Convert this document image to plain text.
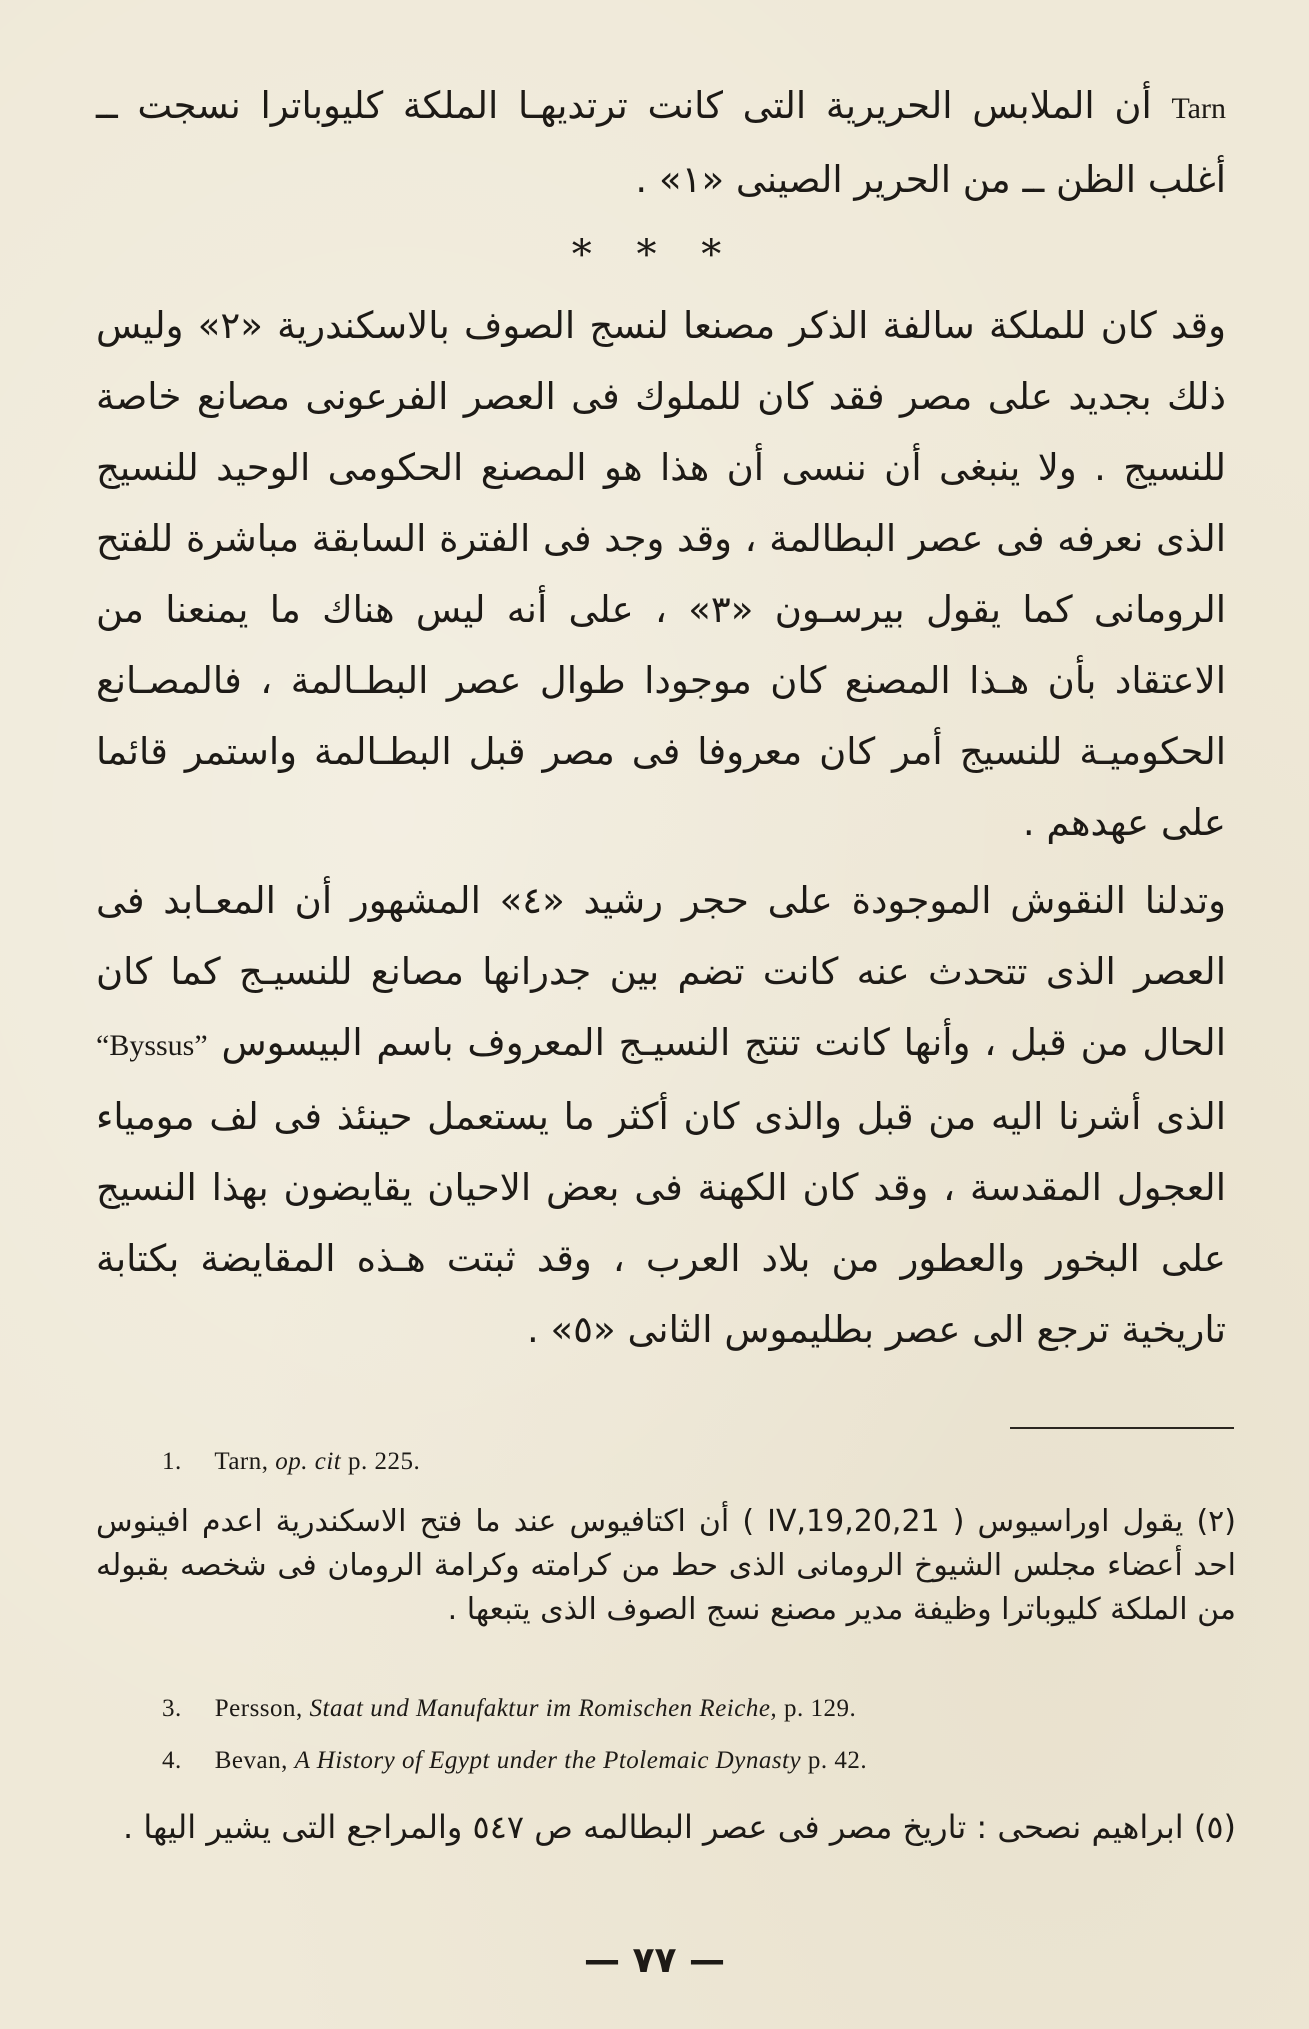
Tarn أن الملابس الحريرية التى كانت ترتديهـا الملكة كليوباترا نسجت ــ أغلب الظن ــ من الحرير الصينى «١» .
* * *
وقد كان للملكة سالفة الذكر مصنعا لنسج الصوف بالاسكندرية «٢» وليس ذلك بجديد على مصر فقد كان للملوك فى العصر الفرعونى مصانع خاصة للنسيج . ولا ينبغى أن ننسى أن هذا هو المصنع الحكومى الوحيد للنسيج الذى نعرفه فى عصر البطالمة ، وقد وجد فى الفترة السابقة مباشرة للفتح الرومانى كما يقول بيرسـون «٣» ، على أنه ليس هناك ما يمنعنا من الاعتقاد بأن هـذا المصنع كان موجودا طوال عصر البطـالمة ، فالمصـانع الحكوميـة للنسيج أمر كان معروفا فى مصر قبل البطـالمة واستمر قائما على عهدهم .
وتدلنا النقوش الموجودة على حجر رشيد «٤» المشهور أن المعـابد فى العصر الذى تتحدث عنه كانت تضم بين جدرانها مصانع للنسيـج كما كان الحال من قبل ، وأنها كانت تنتج النسيـج المعروف باسم البيسوس “Byssus” الذى أشرنا اليه من قبل والذى كان أكثر ما يستعمل حينئذ فى لف مومياء العجول المقدسة ، وقد كان الكهنة فى بعض الاحيان يقايضون بهذا النسيج على البخور والعطور من بلاد العرب ، وقد ثبتت هـذه المقايضة بكتابة تاريخية ترجع الى عصر بطليموس الثانى «٥» .
1. Tarn, op. cit p. 225.
(٢) يقول اوراسيوس ( IV,19,20,21 ) أن اكتافيوس عند ما فتح الاسكندرية اعدم افينوس احد أعضاء مجلس الشيوخ الرومانى الذى حط من كرامته وكرامة الرومان فى شخصه بقبوله من الملكة كليوباترا وظيفة مدير مصنع نسج الصوف الذى يتبعها .
3. Persson, Staat und Manufaktur im Romischen Reiche, p. 129.
4. Bevan, A History of Egypt under the Ptolemaic Dynasty p. 42.
(٥) ابراهيم نصحى : تاريخ مصر فى عصر البطالمه ص ٥٤٧ والمراجع التى يشير اليها .
— ٧٧ —
